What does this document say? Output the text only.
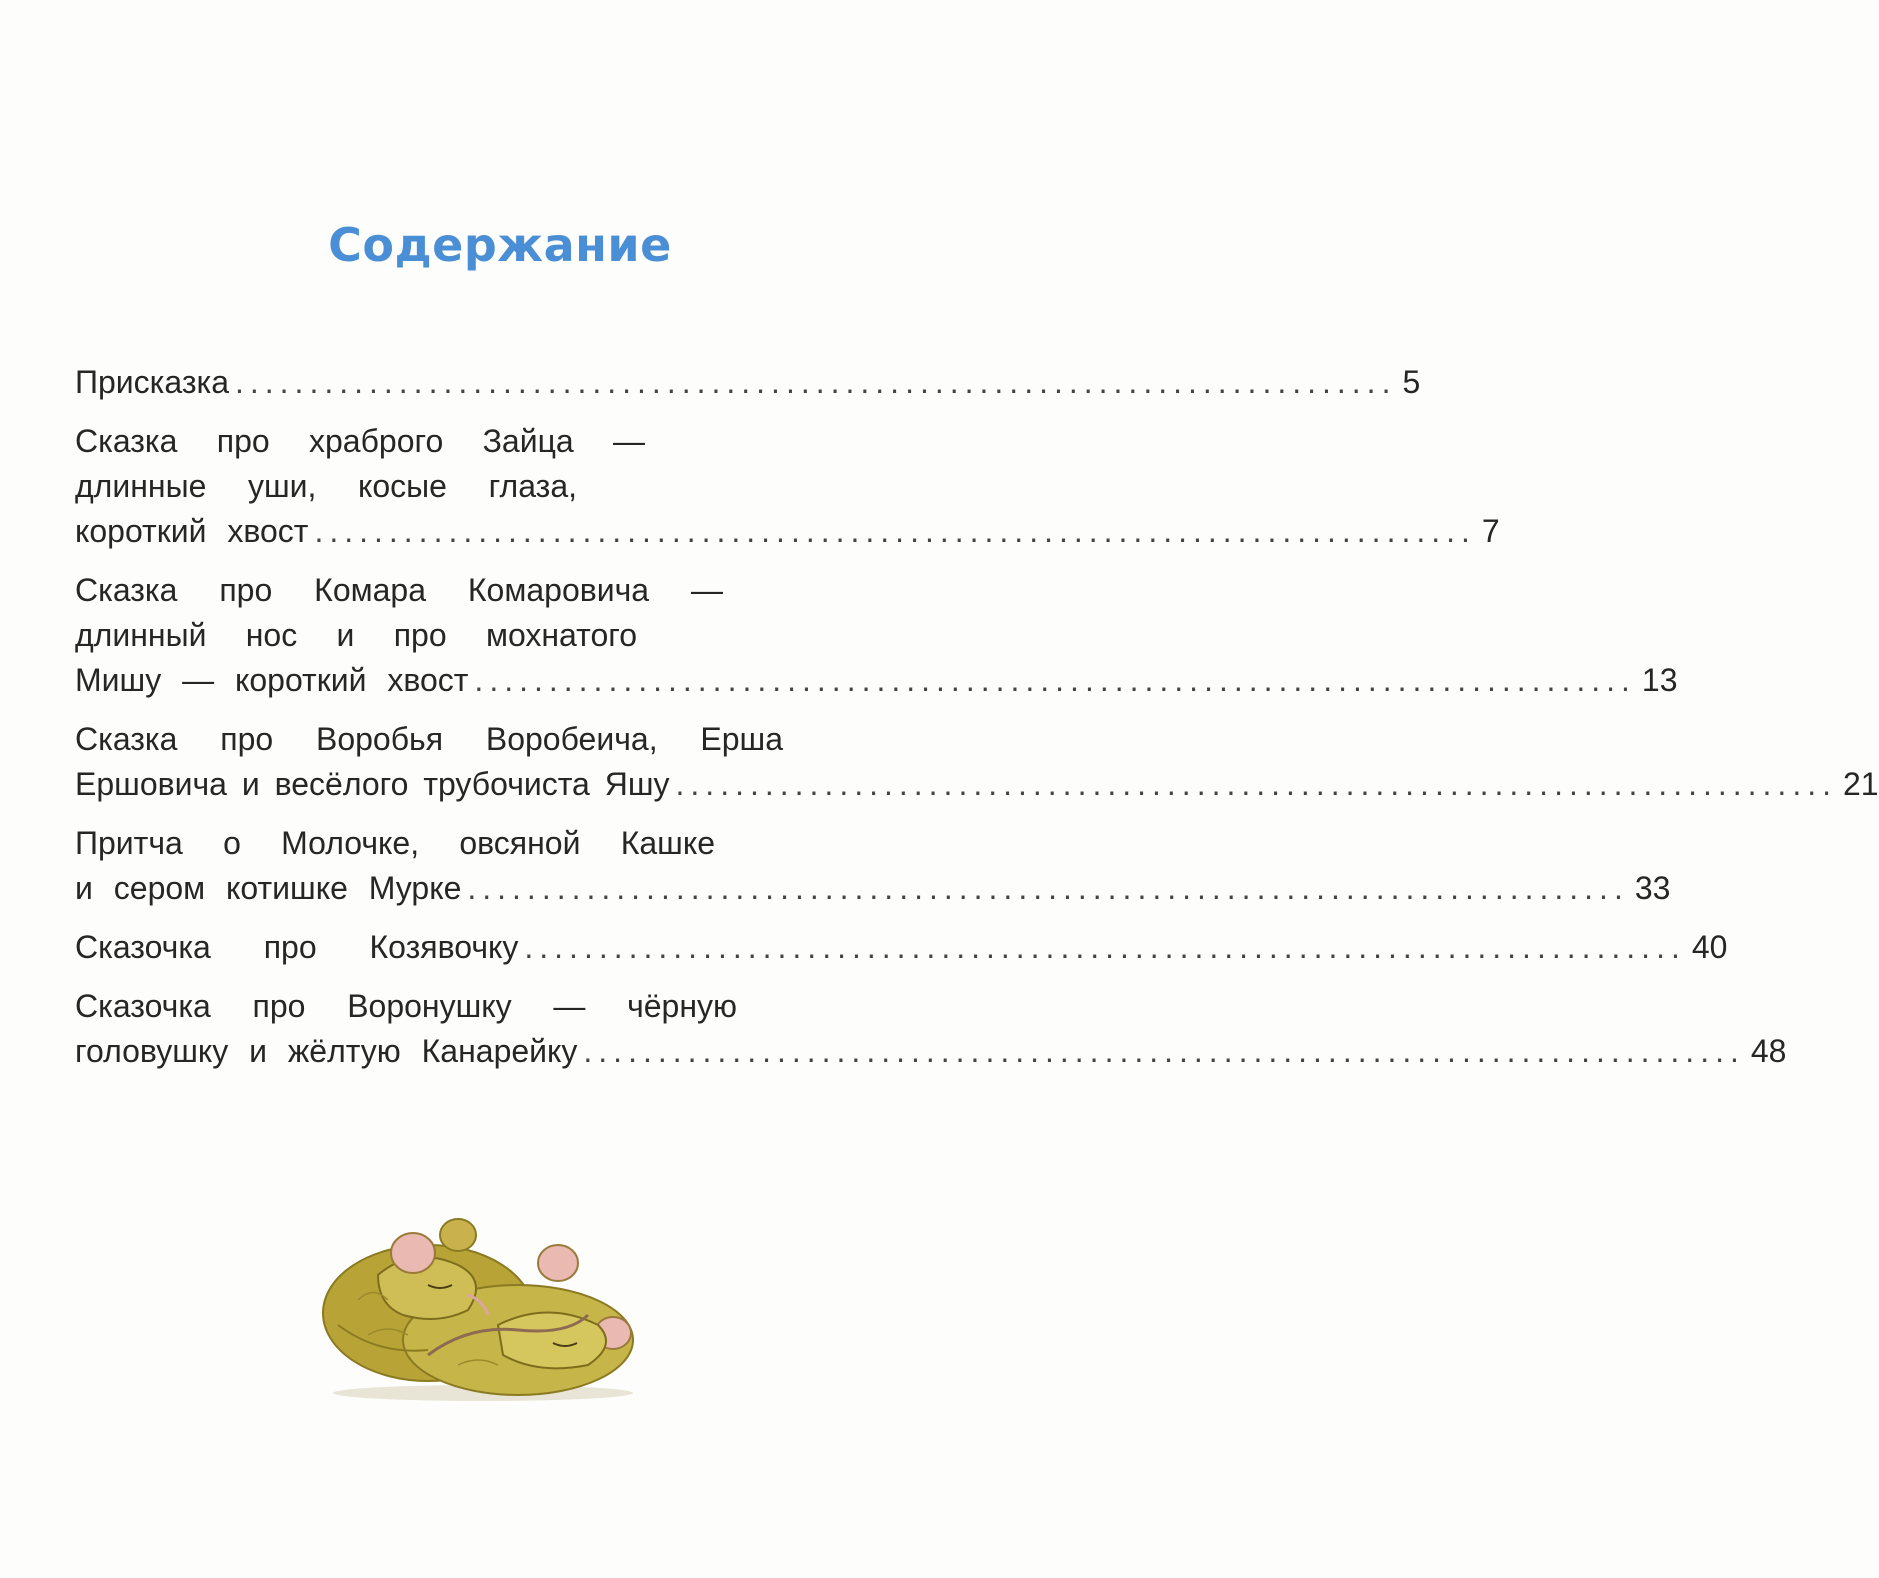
Содержание
Присказка .............................................................................. 5
Сказка про храброго Зайца —
длинные уши, косые глаза,
короткий хвост .............................................................................. 7
Сказка про Комара Комаровича —
длинный нос и про мохнатого
Мишу — короткий хвост .............................................................................. 13
Сказка про Воробья Воробеича, Ерша
Ершовича и весёлого трубочиста Яшу .............................................................................. 21
Притча о Молочке, овсяной Кашке
и сером котишке Мурке .............................................................................. 33
Сказочка про Козявочку .............................................................................. 40
Сказочка про Воронушку — чёрную
головушку и жёлтую Канарейку .............................................................................. 48
